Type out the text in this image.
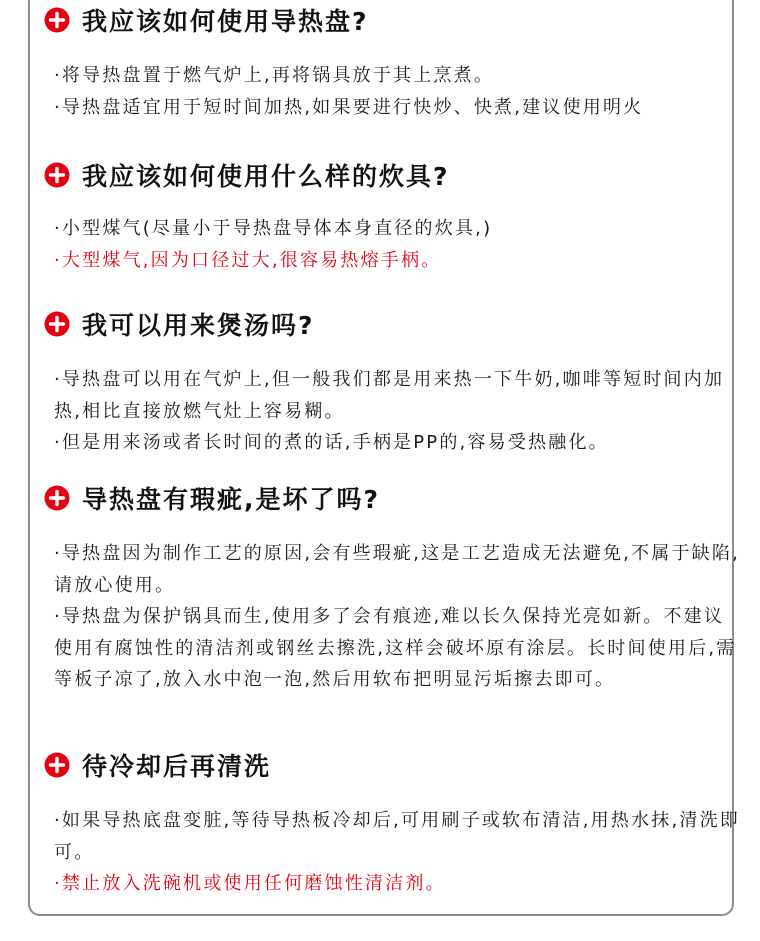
我应该如何使用导热盘?
·将导热盘置于燃气炉上,再将锅具放于其上烹煮。
·导热盘适宜用于短时间加热,如果要进行快炒、快煮,建议使用明火
我应该如何使用什么样的炊具?
·小型煤气(尽量小于导热盘导体本身直径的炊具,)
·大型煤气,因为口径过大,很容易热熔手柄。
我可以用来煲汤吗?
·导热盘可以用在气炉上,但一般我们都是用来热一下牛奶,咖啡等短时间内加热,相比直接放燃气灶上容易糊。
·但是用来汤或者长时间的煮的话,手柄是PP的,容易受热融化。
导热盘有瑕疵,是坏了吗?
·导热盘因为制作工艺的原因,会有些瑕疵,这是工艺造成无法避免,不属于缺陷,请放心使用。
·导热盘为保护锅具而生,使用多了会有痕迹,难以长久保持光亮如新。不建议使用有腐蚀性的清洁剂或钢丝去擦洗,这样会破坏原有涂层。长时间使用后,需等板子凉了,放入水中泡一泡,然后用软布把明显污垢擦去即可。
待冷却后再清洗
·如果导热底盘变脏,等待导热板冷却后,可用刷子或软布清洁,用热水抹,清洗即可。
·禁止放入洗碗机或使用任何磨蚀性清洁剂。
